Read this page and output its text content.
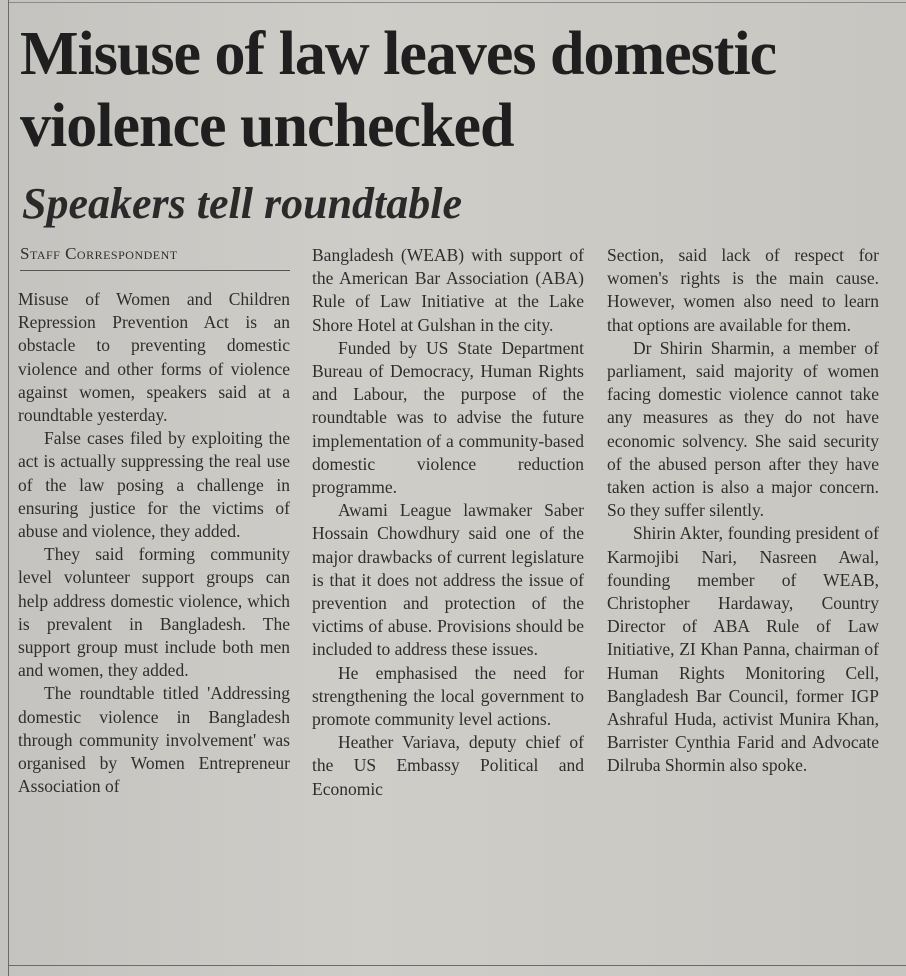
Misuse of law leaves domestic violence unchecked
Speakers tell roundtable
Staff Correspondent

Misuse of Women and Children Repression Prevention Act is an obstacle to preventing domestic violence and other forms of violence against women, speakers said at a roundtable yesterday.

False cases filed by exploiting the act is actually suppressing the real use of the law posing a challenge in ensuring justice for the victims of abuse and violence, they added.

They said forming community level volunteer support groups can help address domestic violence, which is prevalent in Bangladesh. The support group must include both men and women, they added.

The roundtable titled 'Addressing domestic violence in Bangladesh through community involvement' was organised by Women Entrepreneur Association of

Bangladesh (WEAB) with support of the American Bar Association (ABA) Rule of Law Initiative at the Lake Shore Hotel at Gulshan in the city.

Funded by US State Department Bureau of Democracy, Human Rights and Labour, the purpose of the roundtable was to advise the future implementation of a community-based domestic violence reduction programme.

Awami League lawmaker Saber Hossain Chowdhury said one of the major drawbacks of current legislature is that it does not address the issue of prevention and protection of the victims of abuse. Provisions should be included to address these issues.

He emphasised the need for strengthening the local government to promote community level actions.

Heather Variava, deputy chief of the US Embassy Political and Economic

Section, said lack of respect for women's rights is the main cause. However, women also need to learn that options are available for them.

Dr Shirin Sharmin, a member of parliament, said majority of women facing domestic violence cannot take any measures as they do not have economic solvency. She said security of the abused person after they have taken action is also a major concern. So they suffer silently.

Shirin Akter, founding president of Karmojibi Nari, Nasreen Awal, founding member of WEAB, Christopher Hardaway, Country Director of ABA Rule of Law Initiative, ZI Khan Panna, chairman of Human Rights Monitoring Cell, Bangladesh Bar Council, former IGP Ashraful Huda, activist Munira Khan, Barrister Cynthia Farid and Advocate Dilruba Shormin also spoke.
